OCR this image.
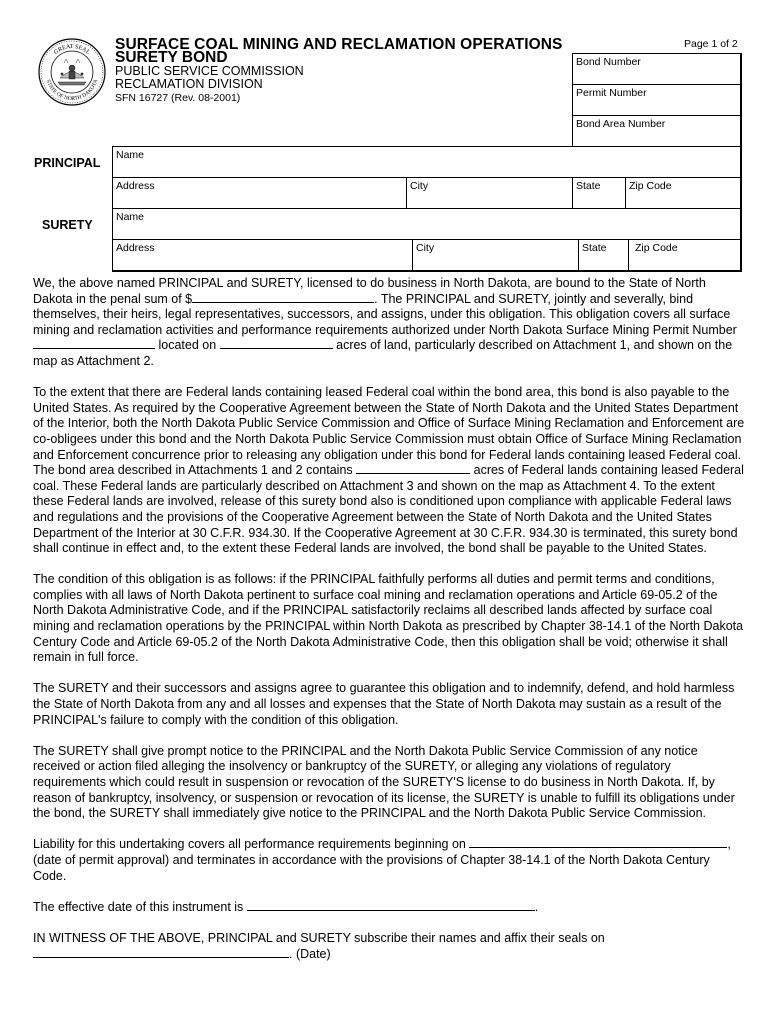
GREAT SEAL
STATE OF NORTH DAKOTA
SURFACE COAL MINING AND RECLAMATION OPERATIONS
SURETY BOND
PUBLIC SERVICE COMMISSION
RECLAMATION DIVISION
SFN 16727 (Rev. 08-2001)
Page 1 of 2
Bond Number
Permit Number
Bond Area Number
PRINCIPAL
SURETY
Name
Address	City	State	Zip Code
Name
Address	City	State	Zip Code

We, the above named PRINCIPAL and SURETY, licensed to do business in North Dakota, are bound to the State of North Dakota in the penal sum of $	. The PRINCIPAL and SURETY, jointly and severally, bind themselves, their heirs, legal representatives, successors, and assigns, under this obligation. This obligation covers all surface mining and reclamation activities and performance requirements authorized under North Dakota Surface Mining Permit Number  located on	acres of land, particularly described on Attachment 1, and shown on the map as Attachment 2.

To the extent that there are Federal lands containing leased Federal coal within the bond area, this bond is also payable to the United States. As required by the Cooperative Agreement between the State of North Dakota and the United States Department of the Interior, both the North Dakota Public Service Commission and Office of Surface Mining Reclamation and Enforcement are co-obligees under this bond and the North Dakota Public Service Commission must obtain Office of Surface Mining Reclamation and Enforcement concurrence prior to releasing any obligation under this bond for Federal lands containing leased Federal coal. The bond area described in Attachments 1 and 2 contains	acres of Federal lands containing leased Federal coal. These Federal lands are particularly described on Attachment 3 and shown on the map as Attachment 4. To the extent these Federal lands are involved, release of this surety bond also is conditioned upon compliance with applicable Federal laws and regulations and the provisions of the Cooperative Agreement between the State of North Dakota and the United States Department of the Interior at 30 C.F.R. 934.30. If the Cooperative Agreement at 30 C.F.R. 934.30 is terminated, this surety bond shall continue in effect and, to the extent these Federal lands are involved, the bond shall be payable to the United States.

The condition of this obligation is as follows: if the PRINCIPAL faithfully performs all duties and permit terms and conditions, complies with all laws of North Dakota pertinent to surface coal mining and reclamation operations and Article 69-05.2 of the North Dakota Administrative Code, and if the PRINCIPAL satisfactorily reclaims all described lands affected by surface coal mining and reclamation operations by the PRINCIPAL within North Dakota as prescribed by Chapter 38-14.1 of the North Dakota Century Code and Article 69-05.2 of the North Dakota Administrative Code, then this obligation shall be void; otherwise it shall remain in full force.

The SURETY and their successors and assigns agree to guarantee this obligation and to indemnify, defend, and hold harmless the State of North Dakota from any and all losses and expenses that the State of North Dakota may sustain as a result of the PRINCIPAL's failure to comply with the condition of this obligation.

The SURETY shall give prompt notice to the PRINCIPAL and the North Dakota Public Service Commission of any notice received or action filed alleging the insolvency or bankruptcy of the SURETY, or alleging any violations of regulatory requirements which could result in suspension or revocation of the SURETY'S license to do business in North Dakota. If, by reason of bankruptcy, insolvency, or suspension or revocation of its license, the SURETY is unable to fulfill its obligations under the bond, the SURETY shall immediately give notice to the PRINCIPAL and the North Dakota Public Service Commission.

Liability for this undertaking covers all performance requirements beginning on	, (date of permit approval) and terminates in accordance with the provisions of Chapter 38-14.1 of the North Dakota Century Code.

The effective date of this instrument is	.

IN WITNESS OF THE ABOVE, PRINCIPAL and SURETY subscribe their names and affix their seals on
. (Date)
